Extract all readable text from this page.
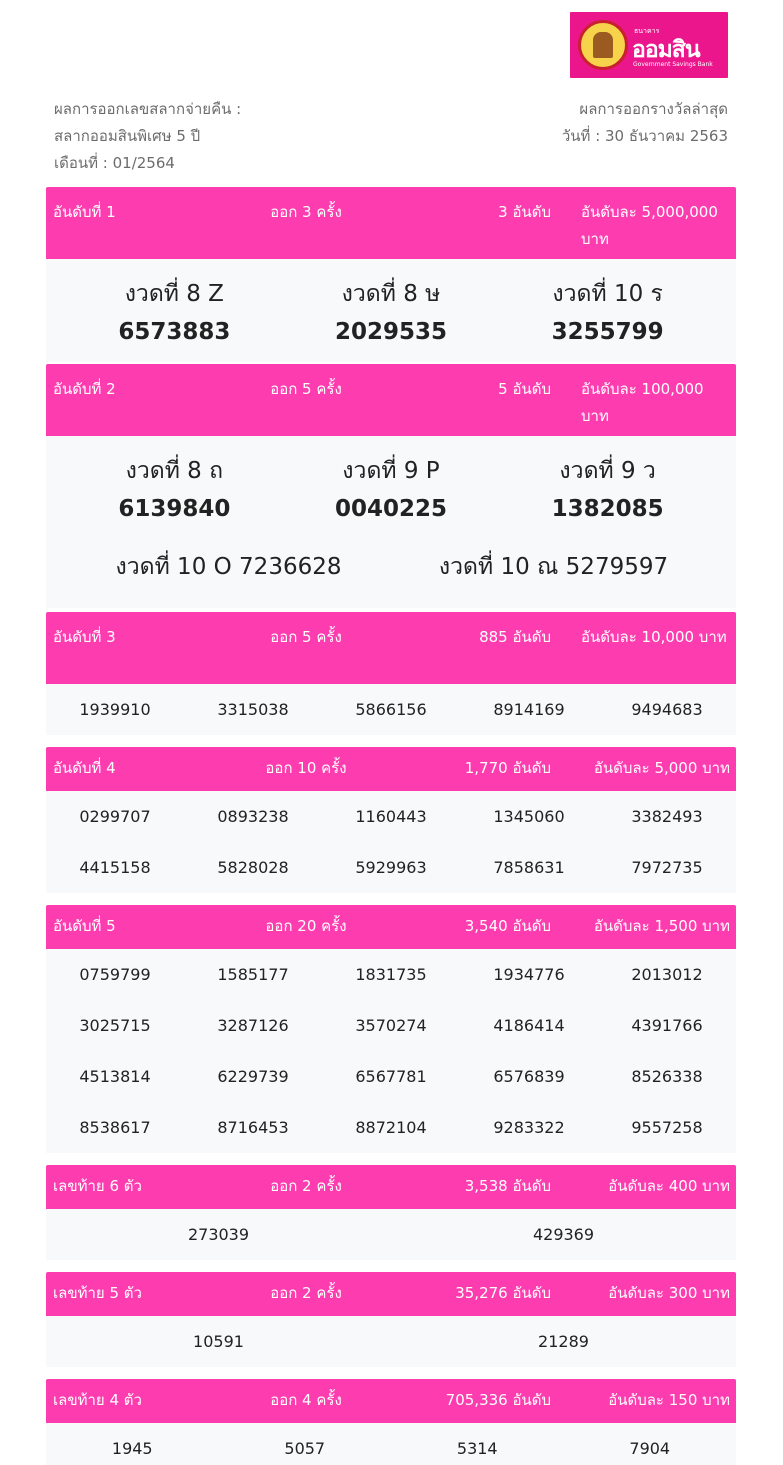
ธนาคาร
ออมสิน
Government Savings Bank
ผลการออกเลขสลากจ่ายคืน :
สลากออมสินพิเศษ 5 ปี
เดือนที่ : 01/2564
ผลการออกรางวัลล่าสุด
วันที่ : 30 ธันวาคม 2563
อันดับที่ 1	ออก 3 ครั้ง	3 อันดับ อันดับละ 5,000,000 บาท
งวดที่ 8 Z
6573883
งวดที่ 8 ษ
2029535
งวดที่ 10 ร
3255799
อันดับที่ 2	ออก 5 ครั้ง	5 อันดับ อันดับละ 100,000 บาท
งวดที่ 8 ถ
6139840
งวดที่ 9 P
0040225
งวดที่ 9 ว
1382085
งวดที่ 10 O 7236628	งวดที่ 10 ณ 5279597
อันดับที่ 3	ออก 5 ครั้ง	885 อันดับ อันดับละ 10,000 บาท
1939910	3315038	5866156	8914169	9494683
อันดับที่ 4	ออก 10 ครั้ง	1,770 อันดับ	อันดับละ 5,000 บาท
0299707	0893238	1160443	1345060	3382493
4415158	5828028	5929963	7858631	7972735
อันดับที่ 5	ออก 20 ครั้ง	3,540 อันดับ	อันดับละ 1,500 บาท
0759799	1585177	1831735	1934776	2013012
3025715	3287126	3570274	4186414	4391766
4513814	6229739	6567781	6576839	8526338
8538617	8716453	8872104	9283322	9557258
เลขท้าย 6 ตัว	ออก 2 ครั้ง	3,538 อันดับ	อันดับละ 400 บาท
273039	429369
เลขท้าย 5 ตัว	ออก 2 ครั้ง	35,276 อันดับ	อันดับละ 300 บาท
10591	21289
เลขท้าย 4 ตัว	ออก 4 ครั้ง	705,336 อันดับ	อันดับละ 150 บาท
1945	5057	5314	7904
